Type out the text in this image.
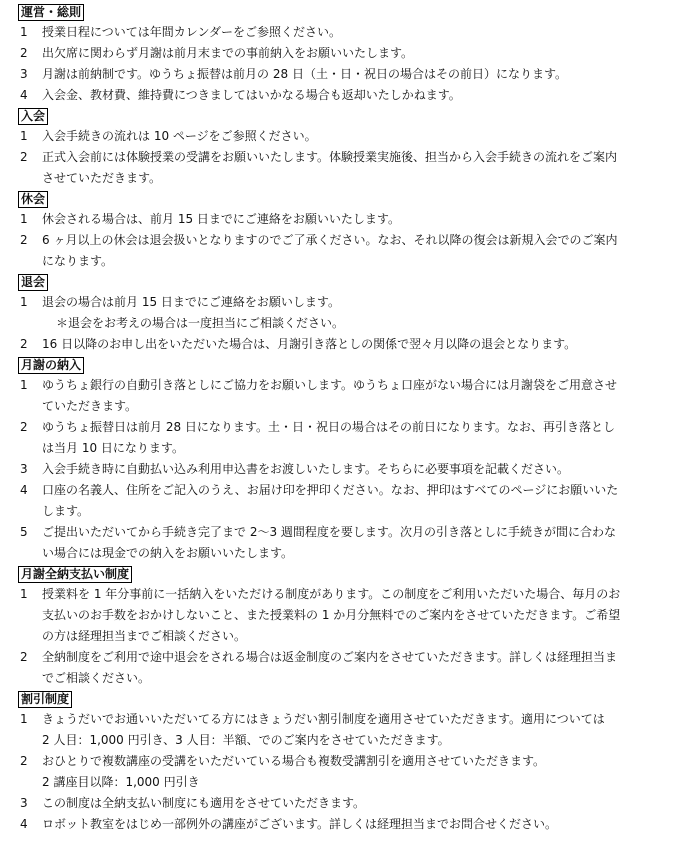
運営・総則
1	授業日程については年間カレンダーをご参照ください。
2	出欠席に関わらず月謝は前月末までの事前納入をお願いいたします。
3	月謝は前納制です。ゆうちょ振替は前月の 28 日（土・日・祝日の場合はその前日）になります。
4	入会金、教材費、維持費につきましてはいかなる場合も返却いたしかねます。
入会
1	入会手続きの流れは 10 ページをご参照ください。
2	正式入会前には体験授業の受講をお願いいたします。体験授業実施後、担当から入会手続きの流れをご案内
させていただきます。
休会
1	休会される場合は、前月 15 日までにご連絡をお願いいたします。
2	6 ヶ月以上の休会は退会扱いとなりますのでご了承ください。なお、それ以降の復会は新規入会でのご案内
になります。
退会
1	退会の場合は前月 15 日までにご連絡をお願いします。
＊退会をお考えの場合は一度担当にご相談ください。
2	16 日以降のお申し出をいただいた場合は、月謝引き落としの関係で翌々月以降の退会となります。
月謝の納入
1	ゆうちょ銀行の自動引き落としにご協力をお願いします。ゆうちょ口座がない場合には月謝袋をご用意させ
ていただきます。
2	ゆうちょ振替日は前月 28 日になります。土・日・祝日の場合はその前日になります。なお、再引き落とし
は当月 10 日になります。
3	入会手続き時に自動払い込み利用申込書をお渡しいたします。そちらに必要事項を記載ください。
4	口座の名義人、住所をご記入のうえ、お届け印を押印ください。なお、押印はすべてのページにお願いいた
します。
5	ご提出いただいてから手続き完了まで 2～3 週間程度を要します。次月の引き落としに手続きが間に合わな
い場合には現金での納入をお願いいたします。
月謝全納支払い制度
1	授業料を 1 年分事前に一括納入をいただける制度があります。この制度をご利用いただいた場合、毎月のお
支払いのお手数をおかけしないこと、また授業料の 1 か月分無料でのご案内をさせていただきます。ご希望
の方は経理担当までご相談ください。
2	全納制度をご利用で途中退会をされる場合は返金制度のご案内をさせていただきます。詳しくは経理担当ま
でご相談ください。
割引制度
1	きょうだいでお通いいただいてる方にはきょうだい割引制度を適用させていただきます。適用については
2 人目：1,000 円引き、3 人目：半額、でのご案内をさせていただきます。
2	おひとりで複数講座の受講をいただいている場合も複数受講割引を適用させていただきます。
2 講座目以降：1,000 円引き
3	この制度は全納支払い制度にも適用をさせていただきます。
4	ロボット教室をはじめ一部例外の講座がございます。詳しくは経理担当までお問合せください。
